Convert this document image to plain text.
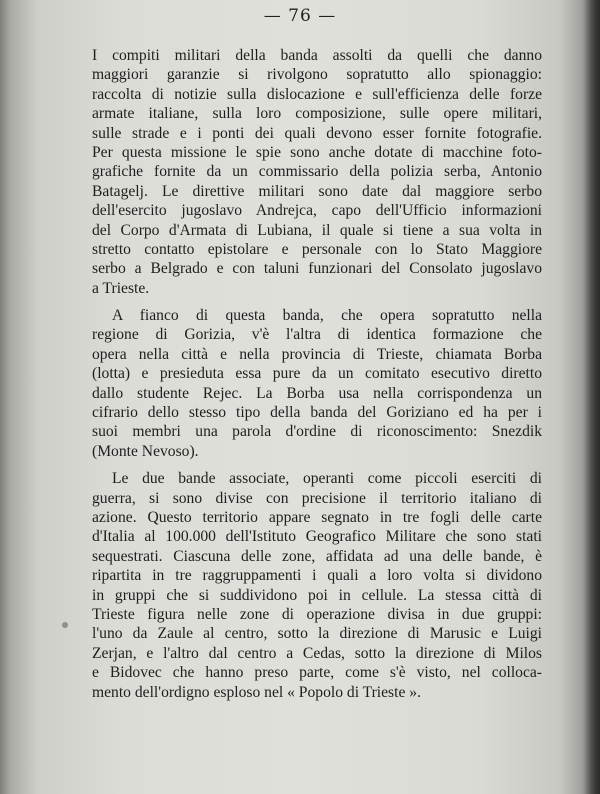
— 76 —
I compiti militari della banda assolti da quelli che danno
maggiori garanzie si rivolgono sopratutto allo spionaggio:
raccolta di notizie sulla dislocazione e sull'efficienza delle forze
armate italiane, sulla loro composizione, sulle opere militari,
sulle strade e i ponti dei quali devono esser fornite fotografie.
Per questa missione le spie sono anche dotate di macchine foto-
grafiche fornite da un commissario della polizia serba, Antonio
Batagelj. Le direttive militari sono date dal maggiore serbo
dell'esercito jugoslavo Andrejca, capo dell'Ufficio informazioni
del Corpo d'Armata di Lubiana, il quale si tiene a sua volta in
stretto contatto epistolare e personale con lo Stato Maggiore
serbo a Belgrado e con taluni funzionari del Consolato jugoslavo
a Trieste.
A fianco di questa banda, che opera sopratutto nella
regione di Gorizia, v'è l'altra di identica formazione che
opera nella città e nella provincia di Trieste, chiamata Borba
(lotta) e presieduta essa pure da un comitato esecutivo diretto
dallo studente Rejec. La Borba usa nella corrispondenza un
cifrario dello stesso tipo della banda del Goriziano ed ha per i
suoi membri una parola d'ordine di riconoscimento: Snezdik
(Monte Nevoso).
Le due bande associate, operanti come piccoli eserciti di
guerra, si sono divise con precisione il territorio italiano di
azione. Questo territorio appare segnato in tre fogli delle carte
d'Italia al 100.000 dell'Istituto Geografico Militare che sono stati
sequestrati. Ciascuna delle zone, affidata ad una delle bande, è
ripartita in tre raggruppamenti i quali a loro volta si dividono
in gruppi che si suddividono poi in cellule. La stessa città di
Trieste figura nelle zone di operazione divisa in due gruppi:
l'uno da Zaule al centro, sotto la direzione di Marusic e Luigi
Zerjan, e l'altro dal centro a Cedas, sotto la direzione di Milos
e Bidovec che hanno preso parte, come s'è visto, nel colloca-
mento dell'ordigno esploso nel « Popolo di Trieste ».
